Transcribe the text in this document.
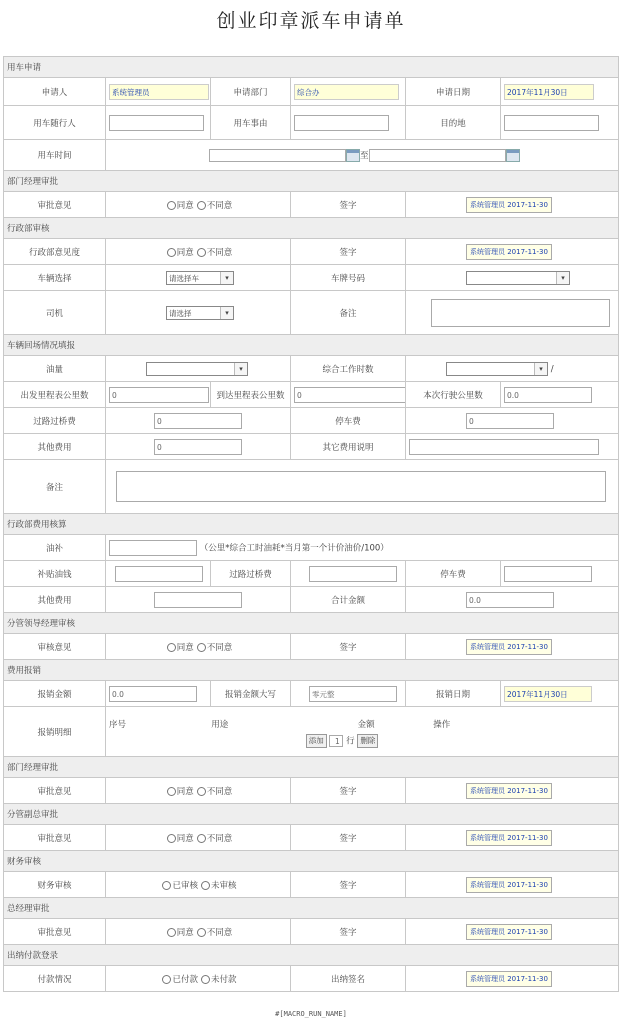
创业印章派车申请单
用车申请
申请人	系统管理员	申请部门	综合办	申请日期	2017年11月30日
用车随行人		用车事由		目的地	
用车时间	至
部门经理审批
审批意见	同意 不同意	签字	系统管理员 2017-11-30
行政部审核
行政部意见度	同意 不同意	签字	系统管理员 2017-11-30
车辆选择	请选择车	▾	车牌号码	▾

司机	请选择	▾	备注	
车辆回场情况填报
油量	▾	综合工作时数	▾ /
出发里程表公里数	0	到达里程表公里数	0	本次行驶公里数	0.0
过路过桥费	0	停车费	0
其他费用	0	其它费用说明	
备注	
行政部费用核算
油补	（公里*综合工时油耗*当月第一个计价油价/100）
补贴油钱		过路过桥费		停车费	
其他费用		合计金额	0.0
分管领导经理审核
审核意见	同意 不同意	签字	系统管理员 2017-11-30
费用报销
报销金额	0.0	报销金额大写	零元整	报销日期	2017年11月30日
报销明细	
序号	用途	金额	操作
添加 1 行 删除

部门经理审批
审批意见	同意 不同意	签字	系统管理员 2017-11-30
分管副总审批
审批意见	同意 不同意	签字	系统管理员 2017-11-30
财务审核
财务审核	已审核 未审核	签字	系统管理员 2017-11-30
总经理审批
审批意见	同意 不同意	签字	系统管理员 2017-11-30
出纳付款登录
付款情况	已付款 未付款	出纳签名	系统管理员 2017-11-30
#[MACRO_RUN_NAME]
